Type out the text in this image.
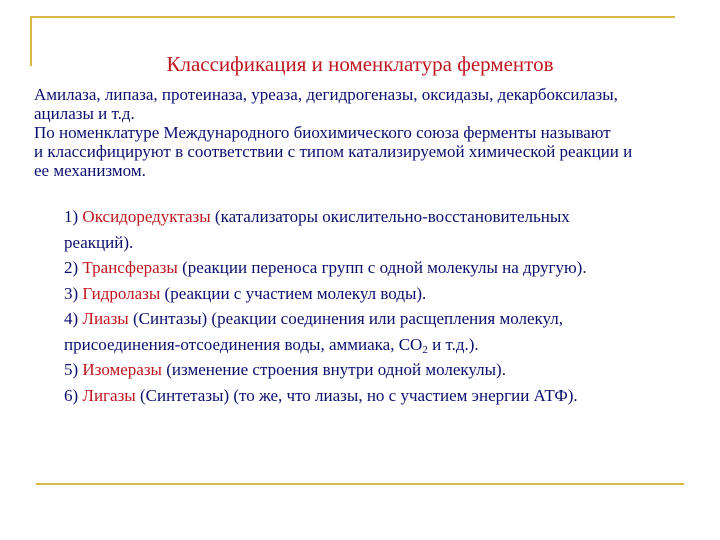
Классификация и номенклатура ферментов

Амилаза, липаза, протеиназа, уреаза, дегидрогеназы, оксидазы, декарбоксилазы,

ацилазы и т.д.

По номенклатуре Международного биохимического союза ферменты называют

и классифицируют в соответствии с типом катализируемой химической реакции и

ее механизмом.

1) Оксидоредуктазы (катализаторы окислительно-восстановительных
реакций).
2) Трансферазы (реакции переноса групп с одной молекулы на другую).
3) Гидролазы (реакции с участием молекул воды).
4) Лиазы (Синтазы) (реакции соединения или расщепления молекул,
присоединения-отсоединения воды, аммиака, $СО_2$ и т.д.).
5) Изомеразы (изменение строения внутри одной молекулы).
6) Лигазы (Синтетазы) (то же, что лиазы, но с участием энергии АТФ).
